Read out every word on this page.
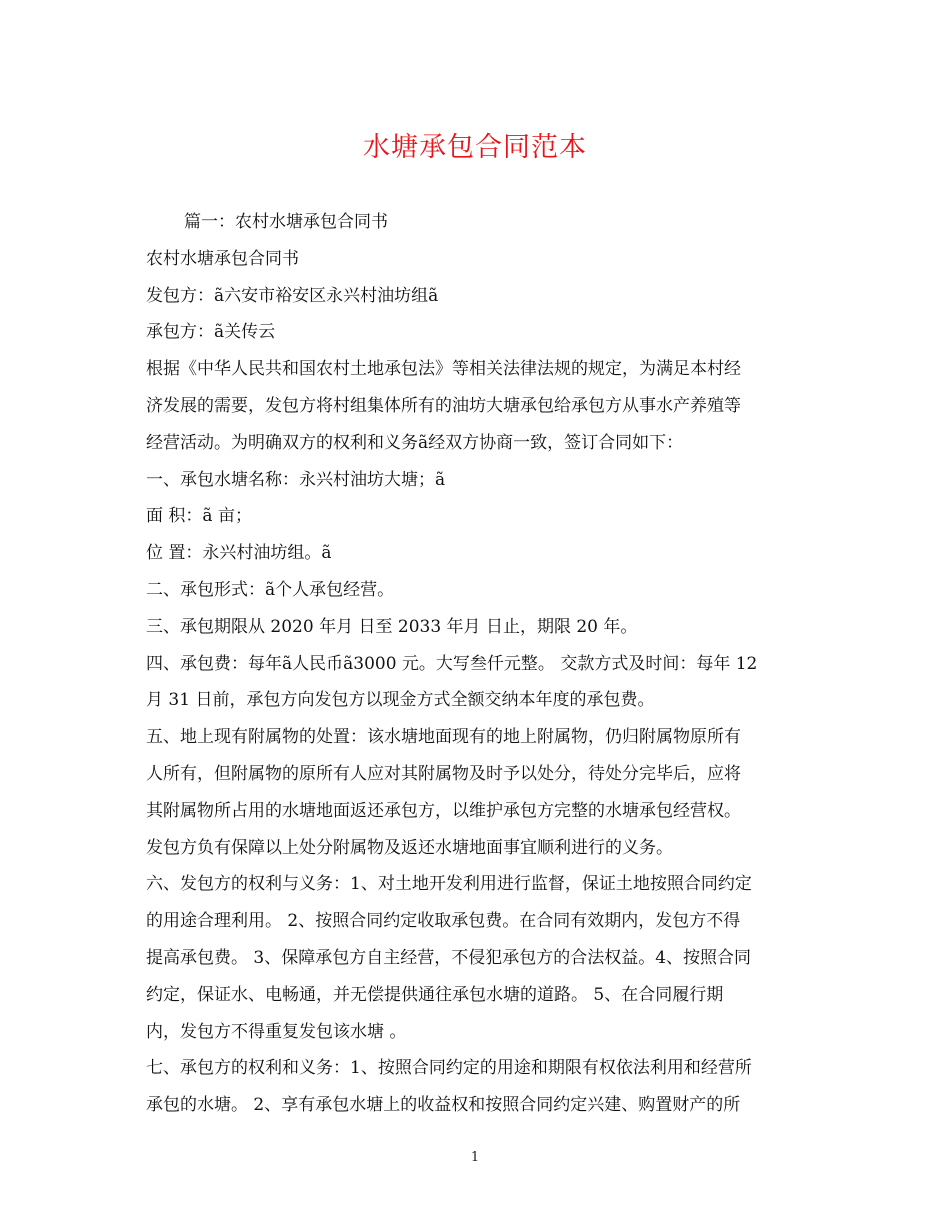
水塘承包合同范本

篇一：农村水塘承包合同书

农村水塘承包合同书

发包方：ã六安市裕安区永兴村油坊组ã

承包方：ã关传云

根据《中华人民共和国农村土地承包法》等相关法律法规的规定，为满足本村经

济发展的需要，发包方将村组集体所有的油坊大塘承包给承包方从事水产养殖等

经营活动。为明确双方的权利和义务ã经双方协商一致，签订合同如下：

一、承包水塘名称：永兴村油坊大塘；ã

面 积：ã 亩；

位 置：永兴村油坊组。ã

二、承包形式：ã个人承包经营。

三、承包期限从 2020 年月 日至 2033 年月 日止，期限 20 年。

四、承包费：每年ã人民币ã3000 元。大写叁仟元整。 交款方式及时间：每年 12

月 31 日前，承包方向发包方以现金方式全额交纳本年度的承包费。

五、地上现有附属物的处置：该水塘地面现有的地上附属物，仍归附属物原所有

人所有，但附属物的原所有人应对其附属物及时予以处分，待处分完毕后，应将

其附属物所占用的水塘地面返还承包方，以维护承包方完整的水塘承包经营权。

发包方负有保障以上处分附属物及返还水塘地面事宜顺利进行的义务。

六、发包方的权利与义务：1、对土地开发利用进行监督，保证土地按照合同约定

的用途合理利用。 2、按照合同约定收取承包费。在合同有效期内，发包方不得

提高承包费。 3、保障承包方自主经营，不侵犯承包方的合法权益。4、按照合同

约定，保证水、电畅通，并无偿提供通往承包水塘的道路。 5、在合同履行期

内，发包方不得重复发包该水塘 。

七、承包方的权利和义务：1、按照合同约定的用途和期限有权依法利用和经营所

承包的水塘。 2、享有承包水塘上的收益权和按照合同约定兴建、购置财产的所

1
